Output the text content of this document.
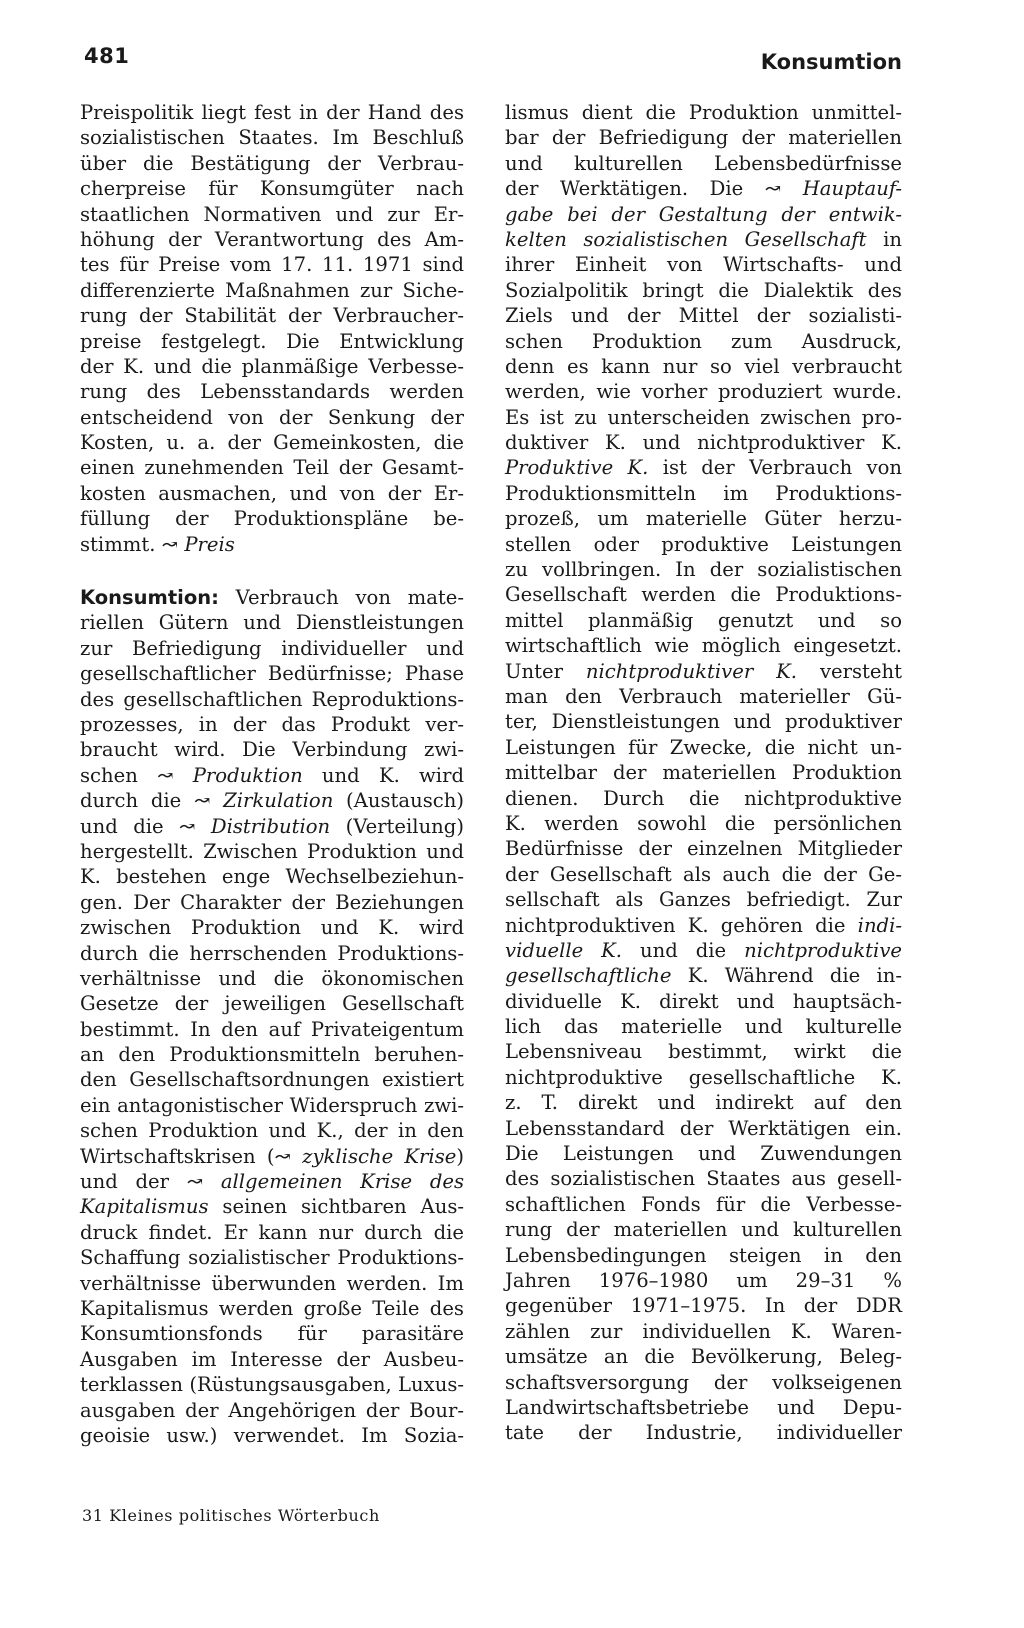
481	Konsumtion
Preispolitik liegt fest in der Hand des
sozialistischen Staates. Im Beschluß
über die Bestätigung der Verbrau-
cherpreise für Konsumgüter nach
staatlichen Normativen und zur Er-
höhung der Verantwortung des Am-
tes für Preise vom 17. 11. 1971 sind
differenzierte Maßnahmen zur Siche-
rung der Stabilität der Verbraucher-
preise festgelegt. Die Entwicklung
der K. und die planmäßige Verbesse-
rung des Lebensstandards werden
entscheidend von der Senkung der
Kosten, u. a. der Gemeinkosten, die
einen zunehmenden Teil der Gesamt-
kosten ausmachen, und von der Er-
füllung der Produktionspläne be-
stimmt. ↝ Preis
Konsumtion: Verbrauch von mate-
riellen Gütern und Dienstleistungen
zur Befriedigung individueller und
gesellschaftlicher Bedürfnisse; Phase
des gesellschaftlichen Reproduktions-
prozesses, in der das Produkt ver-
braucht wird. Die Verbindung zwi-
schen ↝ Produktion und K. wird
durch die ↝ Zirkulation (Austausch)
und die ↝ Distribution (Verteilung)
hergestellt. Zwischen Produktion und
K. bestehen enge Wechselbeziehun-
gen. Der Charakter der Beziehungen
zwischen Produktion und K. wird
durch die herrschenden Produktions-
verhältnisse und die ökonomischen
Gesetze der jeweiligen Gesellschaft
bestimmt. In den auf Privateigentum
an den Produktionsmitteln beruhen-
den Gesellschaftsordnungen existiert
ein antagonistischer Widerspruch zwi-
schen Produktion und K., der in den
Wirtschaftskrisen (↝ zyklische Krise)
und der ↝ allgemeinen Krise des
Kapitalismus seinen sichtbaren Aus-
druck findet. Er kann nur durch die
Schaffung sozialistischer Produktions-
verhältnisse überwunden werden. Im
Kapitalismus werden große Teile des
Konsumtionsfonds für parasitäre
Ausgaben im Interesse der Ausbeu-
terklassen (Rüstungsausgaben, Luxus-
ausgaben der Angehörigen der Bour-
geoisie usw.) verwendet. Im Sozia-
lismus dient die Produktion unmittel-
bar der Befriedigung der materiellen
und kulturellen Lebensbedürfnisse
der Werktätigen. Die ↝ Hauptauf-
gabe bei der Gestaltung der entwik-
kelten sozialistischen Gesellschaft in
ihrer Einheit von Wirtschafts- und
Sozialpolitik bringt die Dialektik des
Ziels und der Mittel der sozialisti-
schen Produktion zum Ausdruck,
denn es kann nur so viel verbraucht
werden, wie vorher produziert wurde.
Es ist zu unterscheiden zwischen pro-
duktiver K. und nichtproduktiver K.
Produktive K. ist der Verbrauch von
Produktionsmitteln im Produktions-
prozeß, um materielle Güter herzu-
stellen oder produktive Leistungen
zu vollbringen. In der sozialistischen
Gesellschaft werden die Produktions-
mittel planmäßig genutzt und so
wirtschaftlich wie möglich eingesetzt.
Unter nichtproduktiver K. versteht
man den Verbrauch materieller Gü-
ter, Dienstleistungen und produktiver
Leistungen für Zwecke, die nicht un-
mittelbar der materiellen Produktion
dienen. Durch die nichtproduktive
K. werden sowohl die persönlichen
Bedürfnisse der einzelnen Mitglieder
der Gesellschaft als auch die der Ge-
sellschaft als Ganzes befriedigt. Zur
nichtproduktiven K. gehören die indi-
viduelle K. und die nichtproduktive
gesellschaftliche K. Während die in-
dividuelle K. direkt und hauptsäch-
lich das materielle und kulturelle
Lebensniveau bestimmt, wirkt die
nichtproduktive gesellschaftliche K.
z. T. direkt und indirekt auf den
Lebensstandard der Werktätigen ein.
Die Leistungen und Zuwendungen
des sozialistischen Staates aus gesell-
schaftlichen Fonds für die Verbesse-
rung der materiellen und kulturellen
Lebensbedingungen steigen in den
Jahren 1976–1980 um 29–31 %
gegenüber 1971–1975. In der DDR
zählen zur individuellen K. Waren-
umsätze an die Bevölkerung, Beleg-
schaftsversorgung der volkseigenen
Landwirtschaftsbetriebe und Depu-
tate der Industrie, individueller
31 Kleines politisches Wörterbuch
